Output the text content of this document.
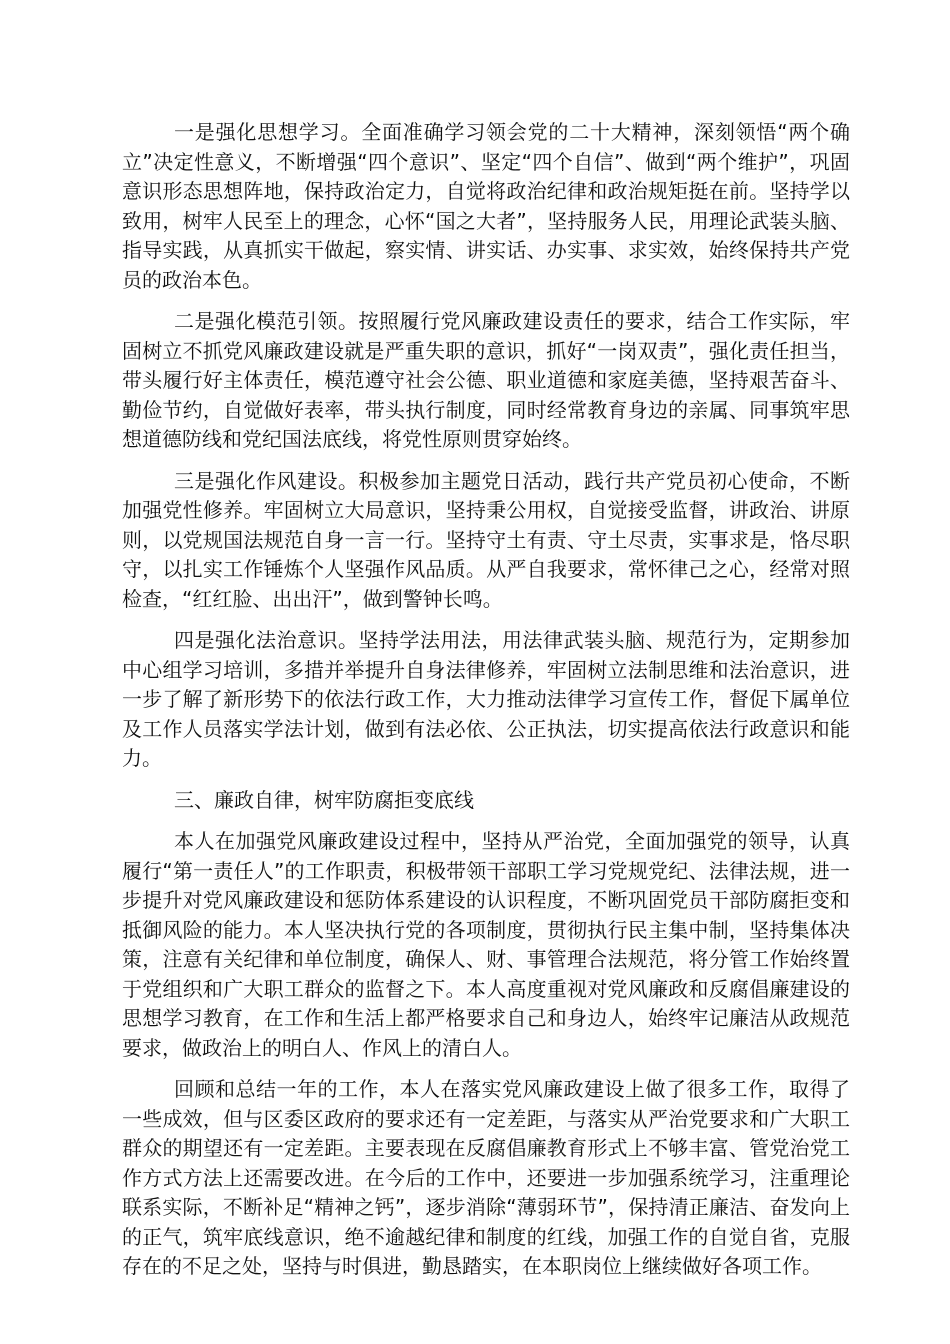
一是强化思想学习。全面准确学习领会党的二十大精神，深刻领悟“两个确立”决定性意义，不断增强“四个意识”、坚定“四个自信”、做到“两个维护”，巩固意识形态思想阵地，保持政治定力，自觉将政治纪律和政治规矩挺在前。坚持学以致用，树牢人民至上的理念，心怀“国之大者”，坚持服务人民，用理论武装头脑、指导实践，从真抓实干做起，察实情、讲实话、办实事、求实效，始终保持共产党员的政治本色。

二是强化模范引领。按照履行党风廉政建设责任的要求，结合工作实际，牢固树立不抓党风廉政建设就是严重失职的意识，抓好“一岗双责”，强化责任担当，带头履行好主体责任，模范遵守社会公德、职业道德和家庭美德，坚持艰苦奋斗、勤俭节约，自觉做好表率，带头执行制度，同时经常教育身边的亲属、同事筑牢思想道德防线和党纪国法底线，将党性原则贯穿始终。

三是强化作风建设。积极参加主题党日活动，践行共产党员初心使命，不断加强党性修养。牢固树立大局意识，坚持秉公用权，自觉接受监督，讲政治、讲原则，以党规国法规范自身一言一行。坚持守土有责、守土尽责，实事求是，恪尽职守，以扎实工作锤炼个人坚强作风品质。从严自我要求，常怀律己之心，经常对照检查，“红红脸、出出汗”，做到警钟长鸣。

四是强化法治意识。坚持学法用法，用法律武装头脑、规范行为，定期参加中心组学习培训，多措并举提升自身法律修养，牢固树立法制思维和法治意识，进一步了解了新形势下的依法行政工作，大力推动法律学习宣传工作，督促下属单位及工作人员落实学法计划，做到有法必依、公正执法，切实提高依法行政意识和能力。

三、廉政自律，树牢防腐拒变底线

本人在加强党风廉政建设过程中，坚持从严治党，全面加强党的领导，认真履行“第一责任人”的工作职责，积极带领干部职工学习党规党纪、法律法规，进一步提升对党风廉政建设和惩防体系建设的认识程度，不断巩固党员干部防腐拒变和抵御风险的能力。本人坚决执行党的各项制度，贯彻执行民主集中制，坚持集体决策，注意有关纪律和单位制度，确保人、财、事管理合法规范，将分管工作始终置于党组织和广大职工群众的监督之下。本人高度重视对党风廉政和反腐倡廉建设的思想学习教育，在工作和生活上都严格要求自己和身边人，始终牢记廉洁从政规范要求，做政治上的明白人、作风上的清白人。

回顾和总结一年的工作，本人在落实党风廉政建设上做了很多工作，取得了一些成效，但与区委区政府的要求还有一定差距，与落实从严治党要求和广大职工群众的期望还有一定差距。主要表现在反腐倡廉教育形式上不够丰富、管党治党工作方式方法上还需要改进。在今后的工作中，还要进一步加强系统学习，注重理论联系实际，不断补足“精神之钙”，逐步消除“薄弱环节”，保持清正廉洁、奋发向上的正气，筑牢底线意识，绝不逾越纪律和制度的红线，加强工作的自觉自省，克服存在的不足之处，坚持与时俱进，勤恳踏实，在本职岗位上继续做好各项工作。
